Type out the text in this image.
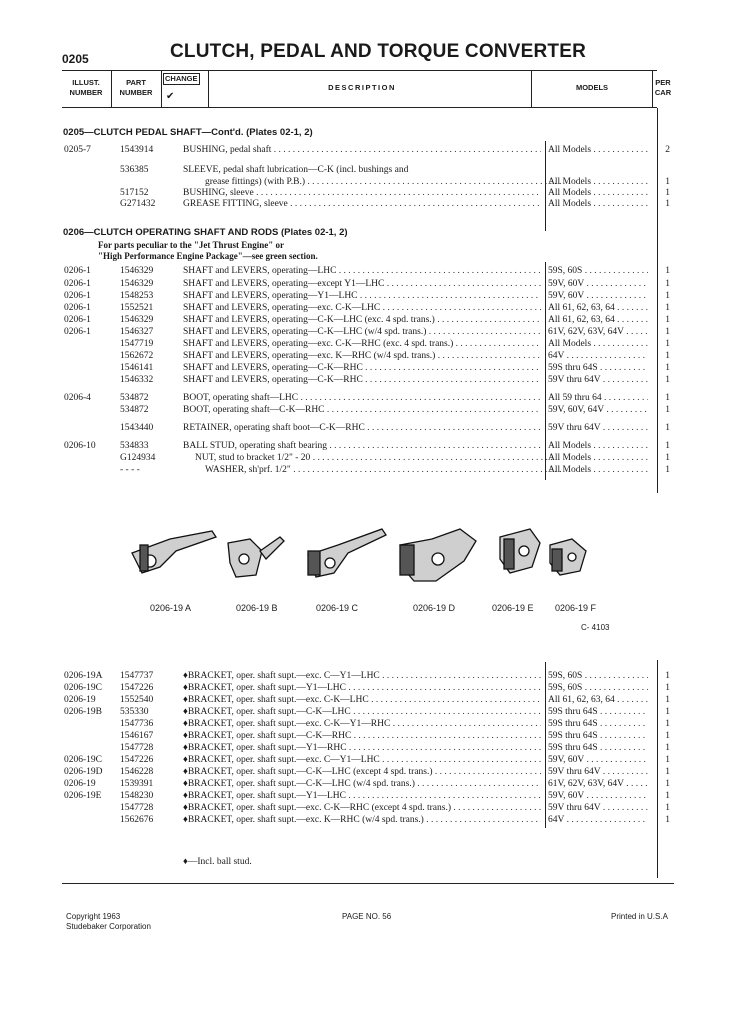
0205	CLUTCH, PEDAL AND TORQUE CONVERTER
ILLUST.
NUMBER
PART
NUMBER
CHANGE
✔
DESCRIPTION	MODELS
PER
CAR
0205—CLUTCH PEDAL SHAFT—Cont'd. (Plates 02-1, 2)
0205-7	1543914	BUSHING, pedal shaft . . .	All Models . . .	2
536385	SLEEVE, pedal shaft lubrication—C-K (incl. bushings and
grease fittings) (with P.B.) . . .	All Models . . .	1
517152	BUSHING, sleeve . . .	All Models . . .	1
G271432	GREASE FITTING, sleeve . . .	All Models . . .	1
0206—CLUTCH OPERATING SHAFT AND RODS (Plates 02-1, 2)
For parts peculiar to the "Jet Thrust Engine" or
"High Performance Engine Package"—see green section.
0206-1	1546329	SHAFT and LEVERS, operating—LHC . . .	59S, 60S . . .	1
0206-1	1546329	SHAFT and LEVERS, operating—except Y1—LHC . . .	59V, 60V . . .	1
0206-1	1548253	SHAFT and LEVERS, operating—Y1—LHC . . .	59V, 60V . . .	1
0206-1	1552521	SHAFT and LEVERS, operating—exc. C-K—LHC . . .	All 61, 62, 63, 64 . . .	1
0206-1	1546329	SHAFT and LEVERS, operating—C-K—LHC (exc. 4 spd. trans.) . . .	All 61, 62, 63, 64 . . .	1
0206-1	1546327	SHAFT and LEVERS, operating—C-K—LHC (w/4 spd. trans.) . . .	61V, 62V, 63V, 64V . . .	1
1547719	SHAFT and LEVERS, operating—exc. C-K—RHC (exc. 4 spd. trans.) . . .	All Models . . .	1
1562672	SHAFT and LEVERS, operating—exc. K—RHC (w/4 spd. trans.) . . .	64V . . .	1
1546141	SHAFT and LEVERS, operating—C-K—RHC . . .	59S thru 64S . . .	1
1546332	SHAFT and LEVERS, operating—C-K—RHC . . .	59V thru 64V . . .	1
0206-4	534872	BOOT, operating shaft—LHC . . .	All 59 thru 64 . . .	1
534872	BOOT, operating shaft—C-K—RHC . . .	59V, 60V, 64V . . .	1
1543440	RETAINER, operating shaft boot—C-K—RHC . . .	59V thru 64V . . .	1
0206-10	534833	BALL STUD, operating shaft bearing . . .	All Models . . .	1
G124934	NUT, stud to bracket 1/2" - 20 . . .	All Models . . .	1
- - - -	WASHER, sh'prf. 1/2" . . .	All Models . . .	1
0206-19 A	0206-19 B	0206-19 C	0206-19 D	0206-19 E 0206-19 F
C- 4103
0206-19A 1547737	♦BRACKET, oper. shaft supt.—exc. C—Y1—LHC . . .	59S, 60S . . .	1
0206-19C 1547226	♦BRACKET, oper. shaft supt.—Y1—LHC . . .	59S, 60S . . .	1
0206-19	1552540	♦BRACKET, oper. shaft supt.—exc. C-K—LHC . . .	All 61, 62, 63, 64 . . .	1
0206-19B 535330	♦BRACKET, oper. shaft supt.—C-K—LHC . . .	59S thru 64S . . .	1
1547736	♦BRACKET, oper. shaft supt.—exc. C-K—Y1—RHC . . .	59S thru 64S . . .	1
1546167	♦BRACKET, oper. shaft supt.—C-K—RHC . . .	59S thru 64S . . .	1
1547728	♦BRACKET, oper. shaft supt.—Y1—RHC . . .	59S thru 64S . . .	1
0206-19C 1547226	♦BRACKET, oper. shaft supt.—exc. C—Y1—LHC . . .	59V, 60V . . .	1
0206-19D 1546228	♦BRACKET, oper. shaft supt.—C-K—LHC (except 4 spd. trans.) . . .	59V thru 64V . . .	1
0206-19	1539391	♦BRACKET, oper. shaft supt.—C-K—LHC (w/4 spd. trans.) . . .	61V, 62V, 63V, 64V . . .	1
0206-19E 1548230	♦BRACKET, oper. shaft supt.—Y1—LHC . . .	59V, 60V . . .	1
1547728	♦BRACKET, oper. shaft supt.—exc. C-K—RHC (except 4 spd. trans.) . . .	59V thru 64V . . .	1
1562676	♦BRACKET, oper. shaft supt.—exc. K—RHC (w/4 spd. trans.) . . .	64V . . .	1
♦—Incl. ball stud.
Copyright 1963
Studebaker Corporation
PAGE NO. 56	Printed in U.S.A
